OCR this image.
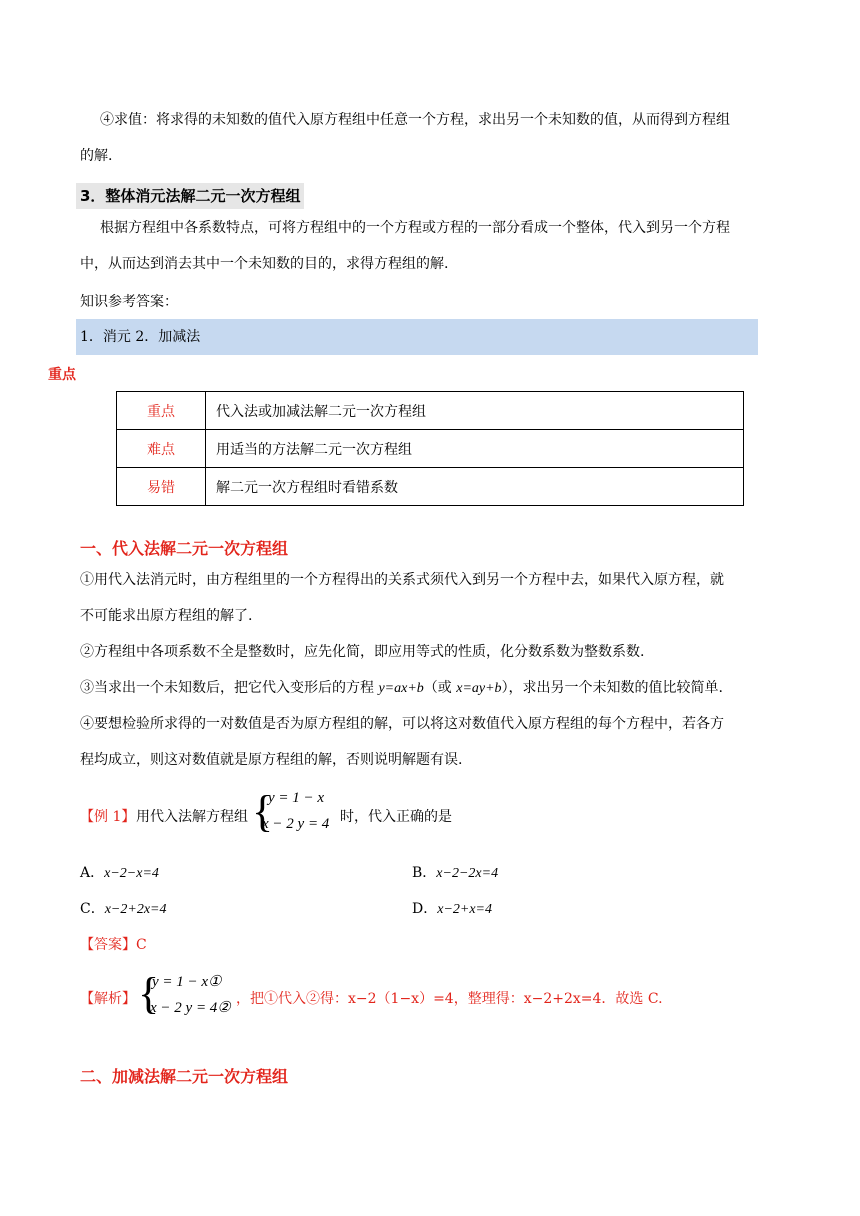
④求值：将求得的未知数的值代入原方程组中任意一个方程，求出另一个未知数的值，从而得到方程组
的解.
3．整体消元法解二元一次方程组
根据方程组中各系数特点，可将方程组中的一个方程或方程的一部分看成一个整体，代入到另一个方程
中，从而达到消去其中一个未知数的目的，求得方程组的解.
知识参考答案：
1．消元 2．加减法
重点
重点	代入法或加减法解二元一次方程组
难点	用适当的方法解二元一次方程组
易错	解二元一次方程组时看错系数
一、代入法解二元一次方程组
①用代入法消元时，由方程组里的一个方程得出的关系式须代入到另一个方程中去，如果代入原方程，就
不可能求出原方程组的解了.
②方程组中各项系数不全是整数时，应先化简，即应用等式的性质，化分数系数为整数系数.
③当求出一个未知数后，把它代入变形后的方程 y=ax+b（或 x=ay+b），求出另一个未知数的值比较简单.
④要想检验所求得的一对数值是否为原方程组的解，可以将这对数值代入原方程组的每个方程中，若各方
程均成立，则这对数值就是原方程组的解，否则说明解题有误.
【例 1】 用代入法解方程组 {
y = 1 − x
x − 2 y = 4 时，代入正确的是
A．x−2−x=4	B．x−2−2x=4
C．x−2+2x=4	D．x−2+x=4
【答案】C
【解析】 {
y = 1 − x①
x − 2 y = 4②
，把①代入②得：x−2（1−x）=4，整理得：x−2+2x=4．故选 C.
二、加减法解二元一次方程组
